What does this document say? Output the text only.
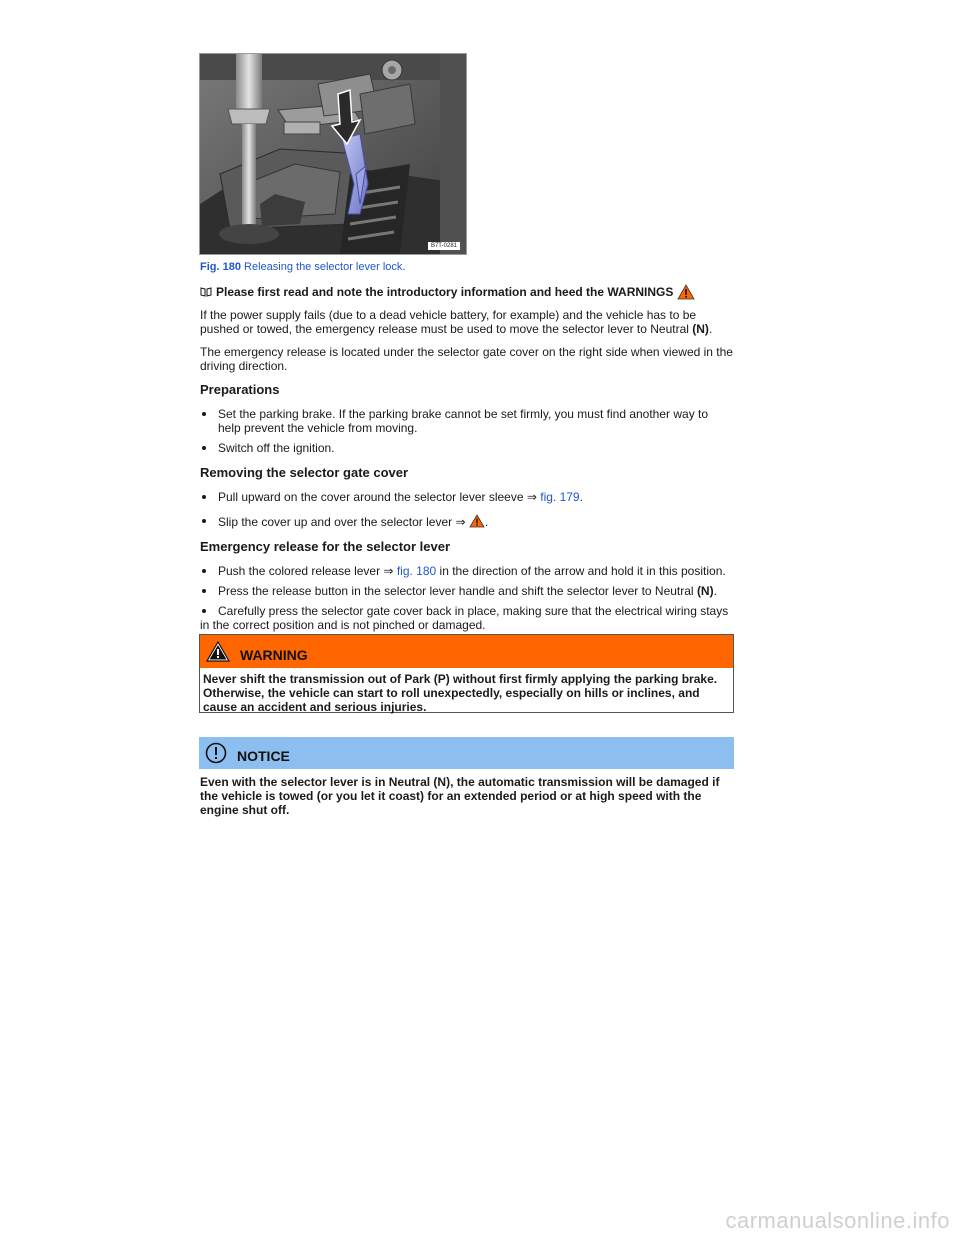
B7T-0281
Fig. 180 Releasing the selector lever lock.

Please first read and note the introductory information and heed the WARNINGS

If the power supply fails (due to a dead vehicle battery, for example) and the vehicle has to be pushed or towed, the emergency release must be used to move the selector lever to Neutral (N).

The emergency release is located under the selector gate cover on the right side when viewed in the driving direction.

Preparations
Set the parking brake. If the parking brake cannot be set firmly, you must find another way to help prevent the vehicle from moving.
Switch off the ignition.
Removing the selector gate cover
Pull upward on the cover around the selector lever sleeve ⇒ fig. 179.
Slip the cover up and over the selector lever ⇒ .
Emergency release for the selector lever
Push the colored release lever ⇒ fig. 180 in the direction of the arrow and hold it in this position.
Press the release button in the selector lever handle and shift the selector lever to Neutral (N).
Carefully press the selector gate cover back in place, making sure that the electrical wiring stays in the correct position and is not pinched or damaged.
WARNING
Never shift the transmission out of Park (P) without first firmly applying the parking brake. Otherwise, the vehicle can start to roll unexpectedly, especially on hills or inclines, and cause an accident and serious injuries.
NOTICE
Even with the selector lever is in Neutral (N), the automatic transmission will be damaged if the vehicle is towed (or you let it coast) for an extended period or at high speed with the engine shut off.
carmanualsonline.info
